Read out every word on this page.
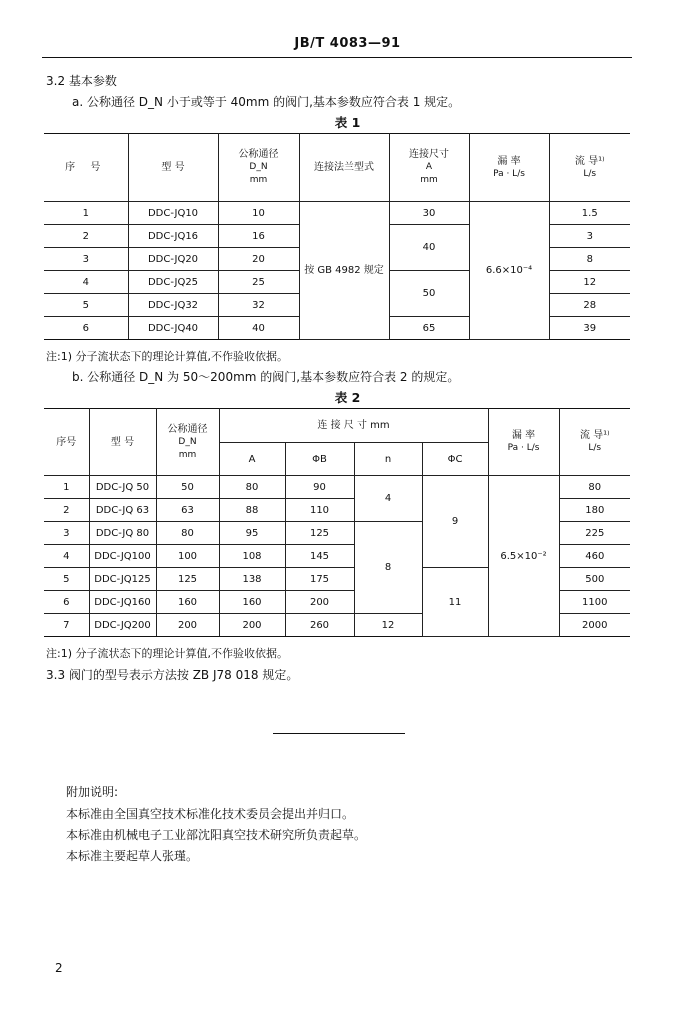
JB/T 4083—91
3.2 基本参数
a. 公称通径 D_N 小于或等于 40mm 的阀门,基本参数应符合表 1 规定。
表 1
序 号	型 号	公称通径
D_N
mm	连接法兰型式	连接尺寸
A
mm	漏 率
Pa · L/s	流 导¹⁾
L/s

1	DDC-JQ10	10	按 GB 4982 规定	30	6.6×10⁻⁴	1.5
2	DDC-JQ16	16		40		3
3	DDC-JQ20	20				8
4	DDC-JQ25	25		50		12
5	DDC-JQ32	32				28
6	DDC-JQ40	40		65		39
注:1) 分子流状态下的理论计算值,不作验收依据。
b. 公称通径 D_N 为 50～200mm 的阀门,基本参数应符合表 2 的规定。
表 2
序号	型 号	公称通径
D_N
mm	连 接 尺 寸 mm				漏 率
Pa · L/s	流 导¹⁾
L/s

			A	ΦB	n	ΦC		
1	DDC-JQ 50	50	80	90	4	9	6.5×10⁻²	80
2	DDC-JQ 63	63	88	110				180
3	DDC-JQ 80	80	95	125	8			225
4	DDC-JQ100	100	108	145				460
5	DDC-JQ125	125	138	175		11		500
6	DDC-JQ160	160	160	200				1100
7	DDC-JQ200	200	200	260	12			2000
注:1) 分子流状态下的理论计算值,不作验收依据。
3.3 阀门的型号表示方法按 ZB J78 018 规定。
附加说明:
本标准由全国真空技术标准化技术委员会提出并归口。
本标准由机械电子工业部沈阳真空技术研究所负责起草。
本标准主要起草人张瑾。
2
